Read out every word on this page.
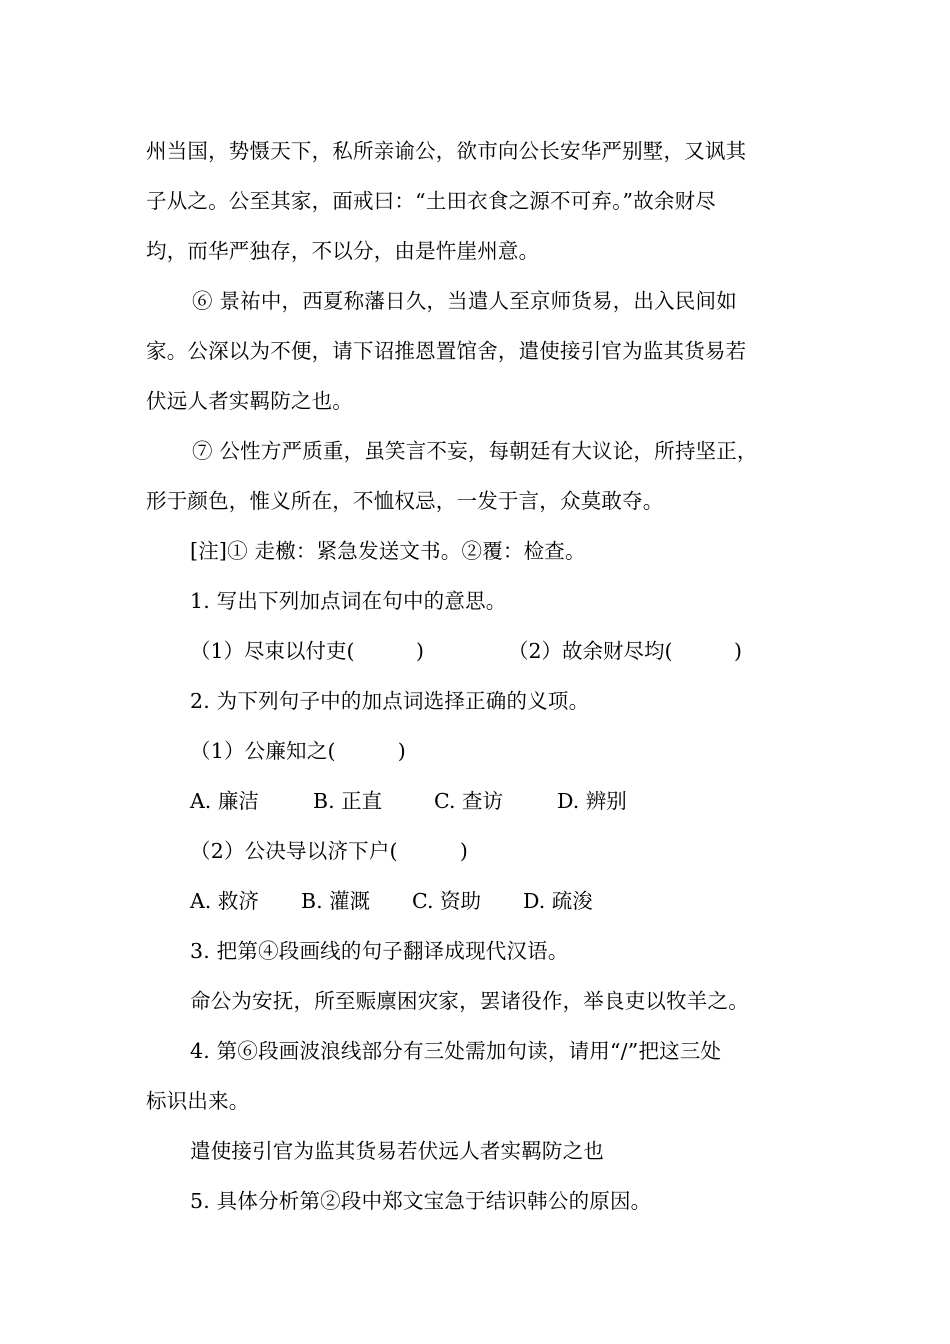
州当国，势慑天下，私所亲谕公，欲市向公长安华严别墅，又讽其
子从之。公至其家，面戒曰：“土田衣食之源不可弃。”故余财尽
均，而华严独存，不以分，由是忤崖州意。
⑥ 景祐中，西夏称藩日久，当遣人至京师货易，出入民间如
家。公深以为不便，请下诏推恩置馆舍，遣使接引官为监其货易若
伏远人者实羁防之也。
⑦ 公性方严质重，虽笑言不妄，每朝廷有大议论，所持坚正，
形于颜色，惟义所在，不恤权忌，一发于言，众莫敢夺。
[注]① 走檄：紧急发送文书。②覆：检查。
1. 写出下列加点词在句中的意思。

（1）尽束以付吏(　　　)

	（2）故余财尽均(　　　)

2. 为下列句子中的加点词选择正确的义项。
（1）公廉知之(　　　)

A. 廉洁

	B. 正直

	C. 查访

	D. 辨别

（2）公决导以济下户(　　　)

A. 救济

B. 灌溉

C. 资助

D. 疏浚

3. 把第④段画线的句子翻译成现代汉语。
命公为安抚，所至赈廪困灾家，罢诸役作，举良吏以牧羊之。
4. 第⑥段画波浪线部分有三处需加句读，请用“/”把这三处
标识出来。
遣使接引官为监其货易若伏远人者实羁防之也
5. 具体分析第②段中郑文宝急于结识韩公的原因。
